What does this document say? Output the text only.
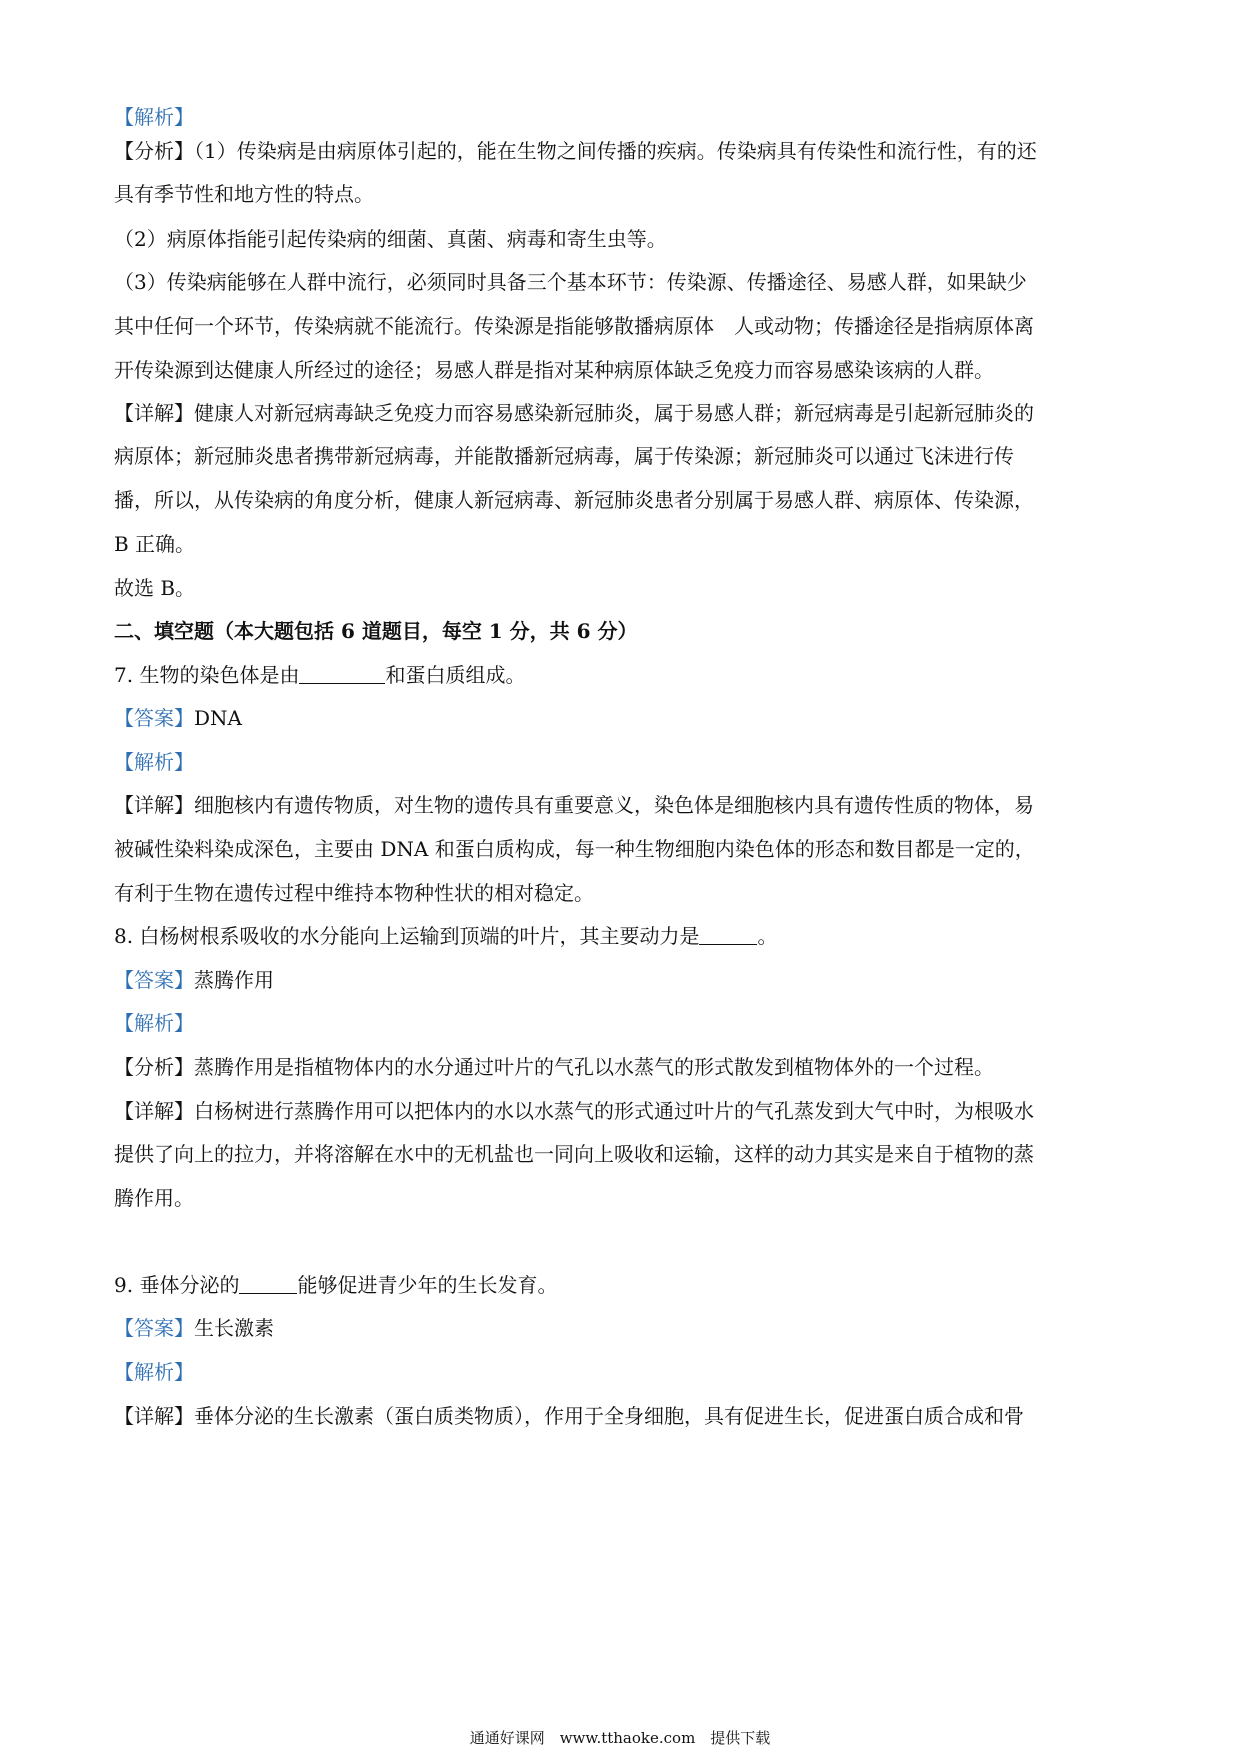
【解析】
【分析】（1）传染病是由病原体引起的，能在生物之间传播的疾病。传染病具有传染性和流行性，有的还
具有季节性和地方性的特点。
（2）病原体指能引起传染病的细菌、真菌、病毒和寄生虫等。
（3）传染病能够在人群中流行，必须同时具备三个基本环节：传染源、传播途径、易感人群，如果缺少
其中任何一个环节，传染病就不能流行。传染源是指能够散播病原体　人或动物；传播途径是指病原体离
开传染源到达健康人所经过的途径；易感人群是指对某种病原体缺乏免疫力而容易感染该病的人群。
【详解】健康人对新冠病毒缺乏免疫力而容易感染新冠肺炎，属于易感人群；新冠病毒是引起新冠肺炎的
病原体；新冠肺炎患者携带新冠病毒，并能散播新冠病毒，属于传染源；新冠肺炎可以通过飞沫进行传
播，所以，从传染病的角度分析，健康人新冠病毒、新冠肺炎患者分别属于易感人群、病原体、传染源，
B 正确。
故选 B。
二、填空题（本大题包括 6 道题目，每空 1 分，共 6 分）
7. 生物的染色体是由	和蛋白质组成。
【答案】DNA
【解析】
【详解】细胞核内有遗传物质，对生物的遗传具有重要意义，染色体是细胞核内具有遗传性质的物体，易
被碱性染料染成深色，主要由 DNA 和蛋白质构成，每一种生物细胞内染色体的形态和数目都是一定的，
有利于生物在遗传过程中维持本物种性状的相对稳定。
8. 白杨树根系吸收的水分能向上运输到顶端的叶片，其主要动力是	。
【答案】蒸腾作用
【解析】
【分析】蒸腾作用是指植物体内的水分通过叶片的气孔以水蒸气的形式散发到植物体外的一个过程。
【详解】白杨树进行蒸腾作用可以把体内的水以水蒸气的形式通过叶片的气孔蒸发到大气中时，为根吸水
提供了向上的拉力，并将溶解在水中的无机盐也一同向上吸收和运输，这样的动力其实是来自于植物的蒸
腾作用。
9. 垂体分泌的	能够促进青少年的生长发育。
【答案】生长激素
【解析】
【详解】垂体分泌的生长激素（蛋白质类物质），作用于全身细胞，具有促进生长，促进蛋白质合成和骨
通通好课网　www.tthaoke.com　提供下载
